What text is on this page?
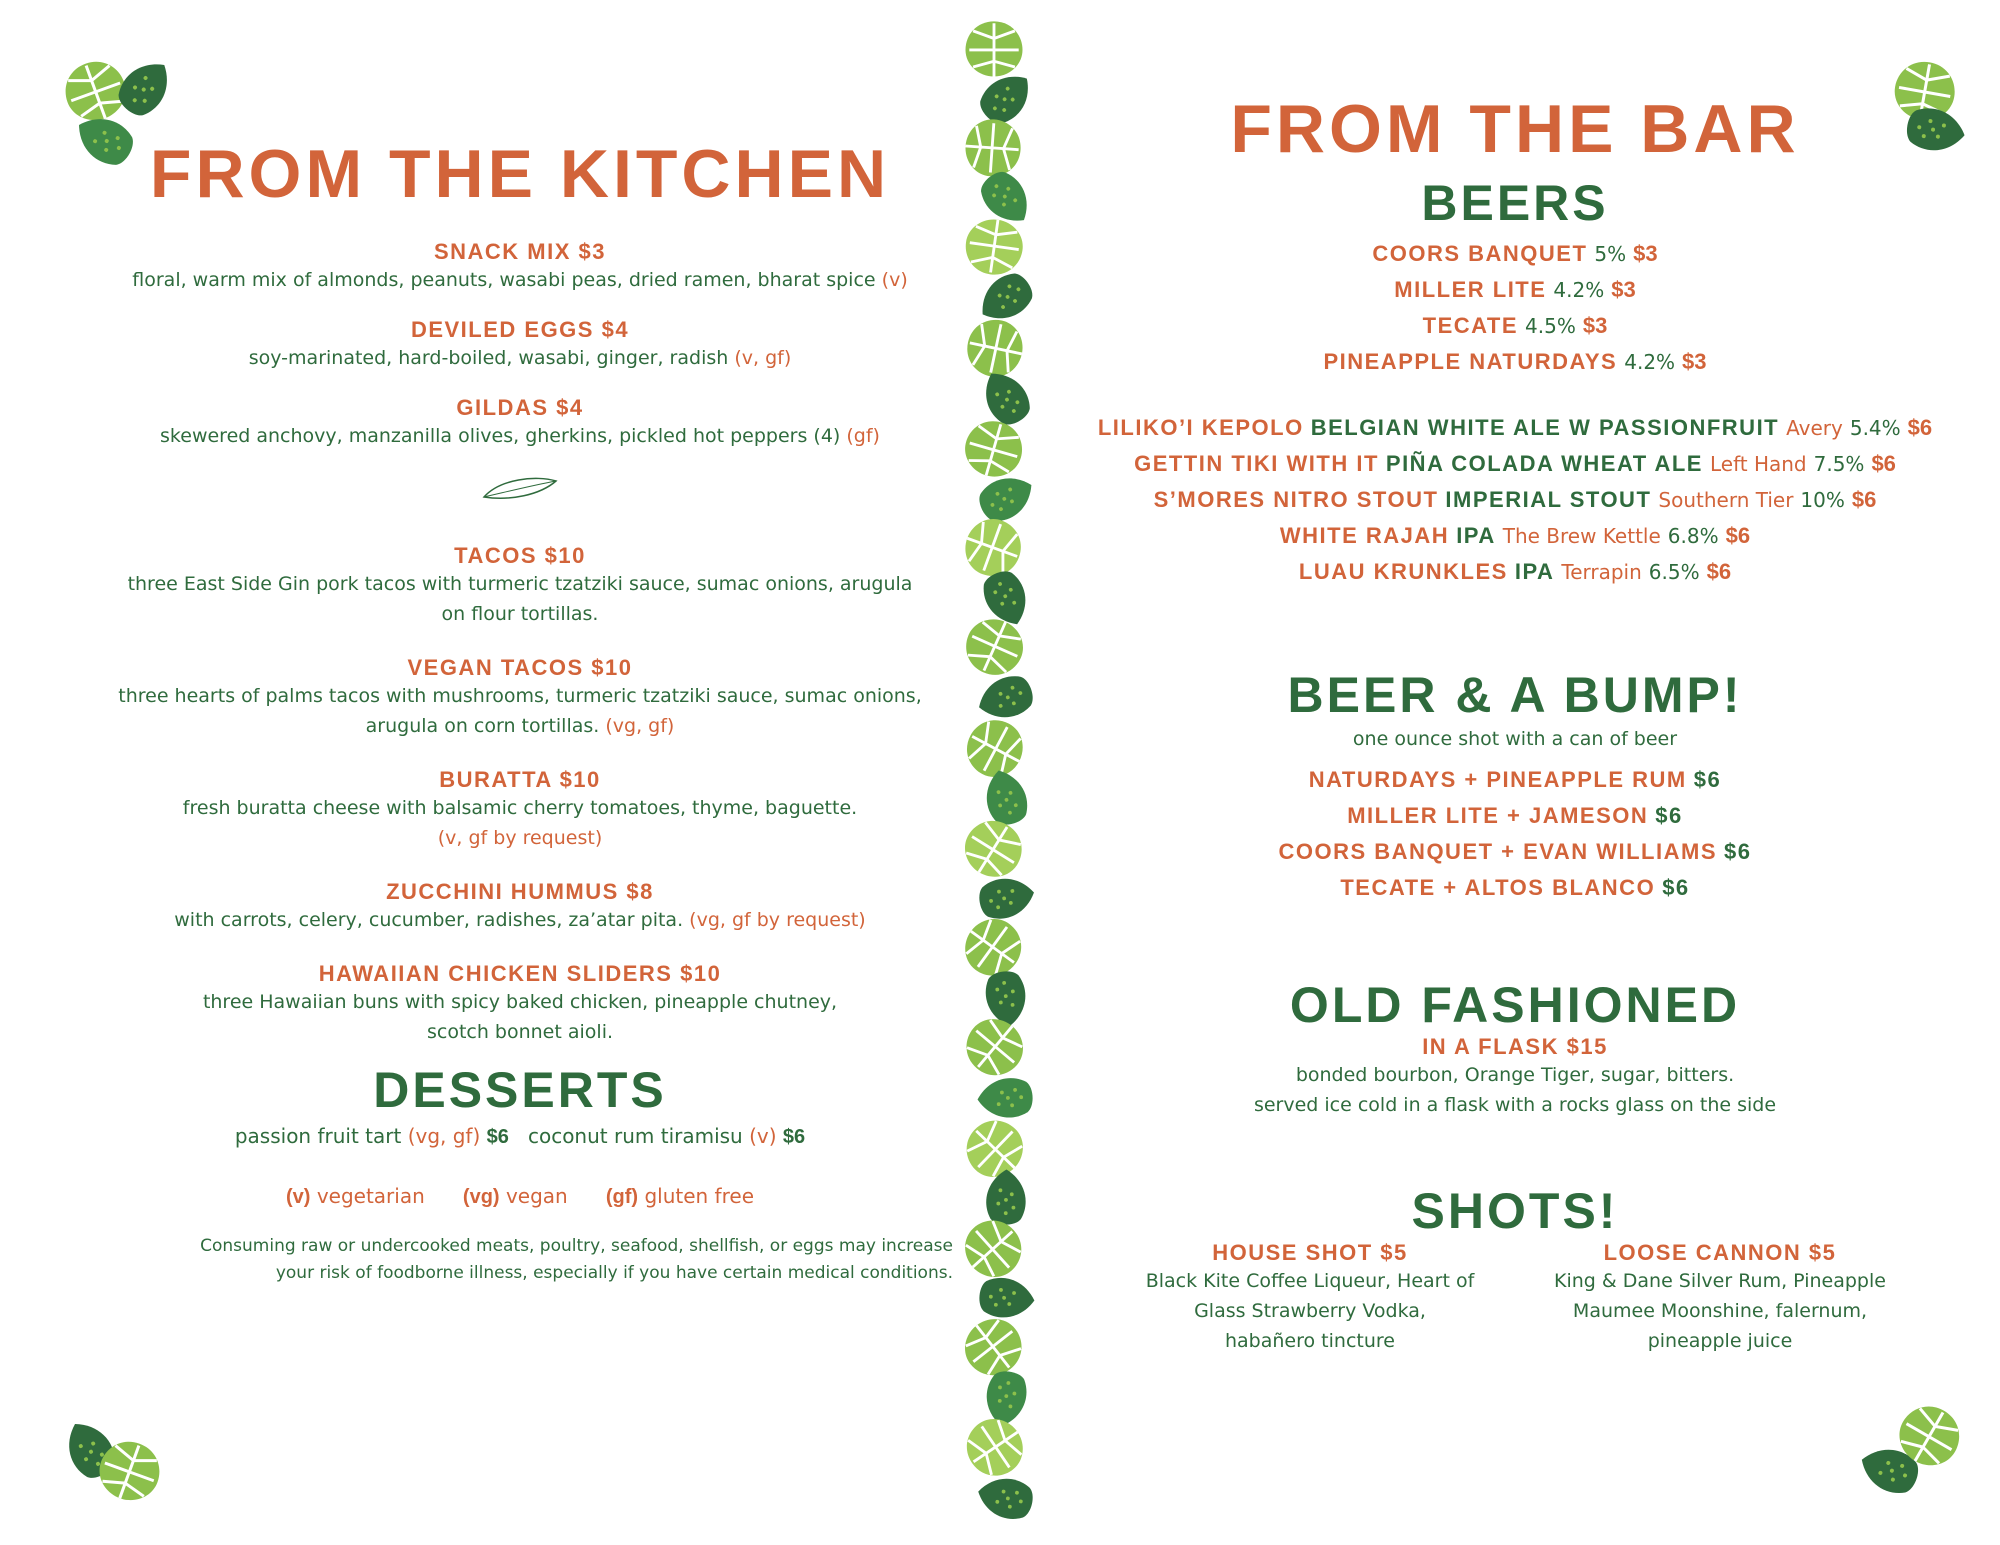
FROM THE KITCHEN
SNACK MIX $3
floral, warm mix of almonds, peanuts, wasabi peas, dried ramen, bharat spice (v)
DEVILED EGGS $4
soy-marinated, hard-boiled, wasabi, ginger, radish (v, gf)
GILDAS $4
skewered anchovy, manzanilla olives, gherkins, pickled hot peppers (4) (gf)
TACOS $10
three East Side Gin pork tacos with turmeric tzatziki sauce, sumac onions, arugula
on flour tortillas.
VEGAN TACOS $10
three hearts of palms tacos with mushrooms, turmeric tzatziki sauce, sumac onions,
arugula on corn tortillas. (vg, gf)
BURATTA $10
fresh buratta cheese with balsamic cherry tomatoes, thyme, baguette.
(v, gf by request)
ZUCCHINI HUMMUS $8
with carrots, celery, cucumber, radishes, za’atar pita. (vg, gf by request)
HAWAIIAN CHICKEN SLIDERS $10
three Hawaiian buns with spicy baked chicken, pineapple chutney,
scotch bonnet aioli.
DESSERTS
passion fruit tart (vg, gf) $6 coconut rum tiramisu (v) $6
(v) vegetarian (vg) vegan (gf) gluten free
Consuming raw or undercooked meats, poultry, seafood, shellfish, or eggs may increase
your risk of foodborne illness, especially if you have certain medical conditions.
FROM THE BAR
BEERS
COORS BANQUET 5% $3
MILLER LITE 4.2% $3
TECATE 4.5% $3
PINEAPPLE NATURDAYS 4.2% $3
LILIKO’I KEPOLO BELGIAN WHITE ALE W PASSIONFRUIT Avery 5.4% $6
GETTIN TIKI WITH IT PIÑA COLADA WHEAT ALE Left Hand 7.5% $6
S’MORES NITRO STOUT IMPERIAL STOUT Southern Tier 10% $6
WHITE RAJAH IPA The Brew Kettle 6.8% $6
LUAU KRUNKLES IPA Terrapin 6.5% $6
BEER & A BUMP!
one ounce shot with a can of beer
NATURDAYS + PINEAPPLE RUM $6
MILLER LITE + JAMESON $6
COORS BANQUET + EVAN WILLIAMS $6
TECATE + ALTOS BLANCO $6
OLD FASHIONED
IN A FLASK $15
bonded bourbon, Orange Tiger, sugar, bitters.
served ice cold in a flask with a rocks glass on the side
SHOTS!
HOUSE SHOT $5
Black Kite Coffee Liqueur, Heart of
Glass Strawberry Vodka,
habañero tincture
LOOSE CANNON $5
King & Dane Silver Rum, Pineapple
Maumee Moonshine, falernum,
pineapple juice
